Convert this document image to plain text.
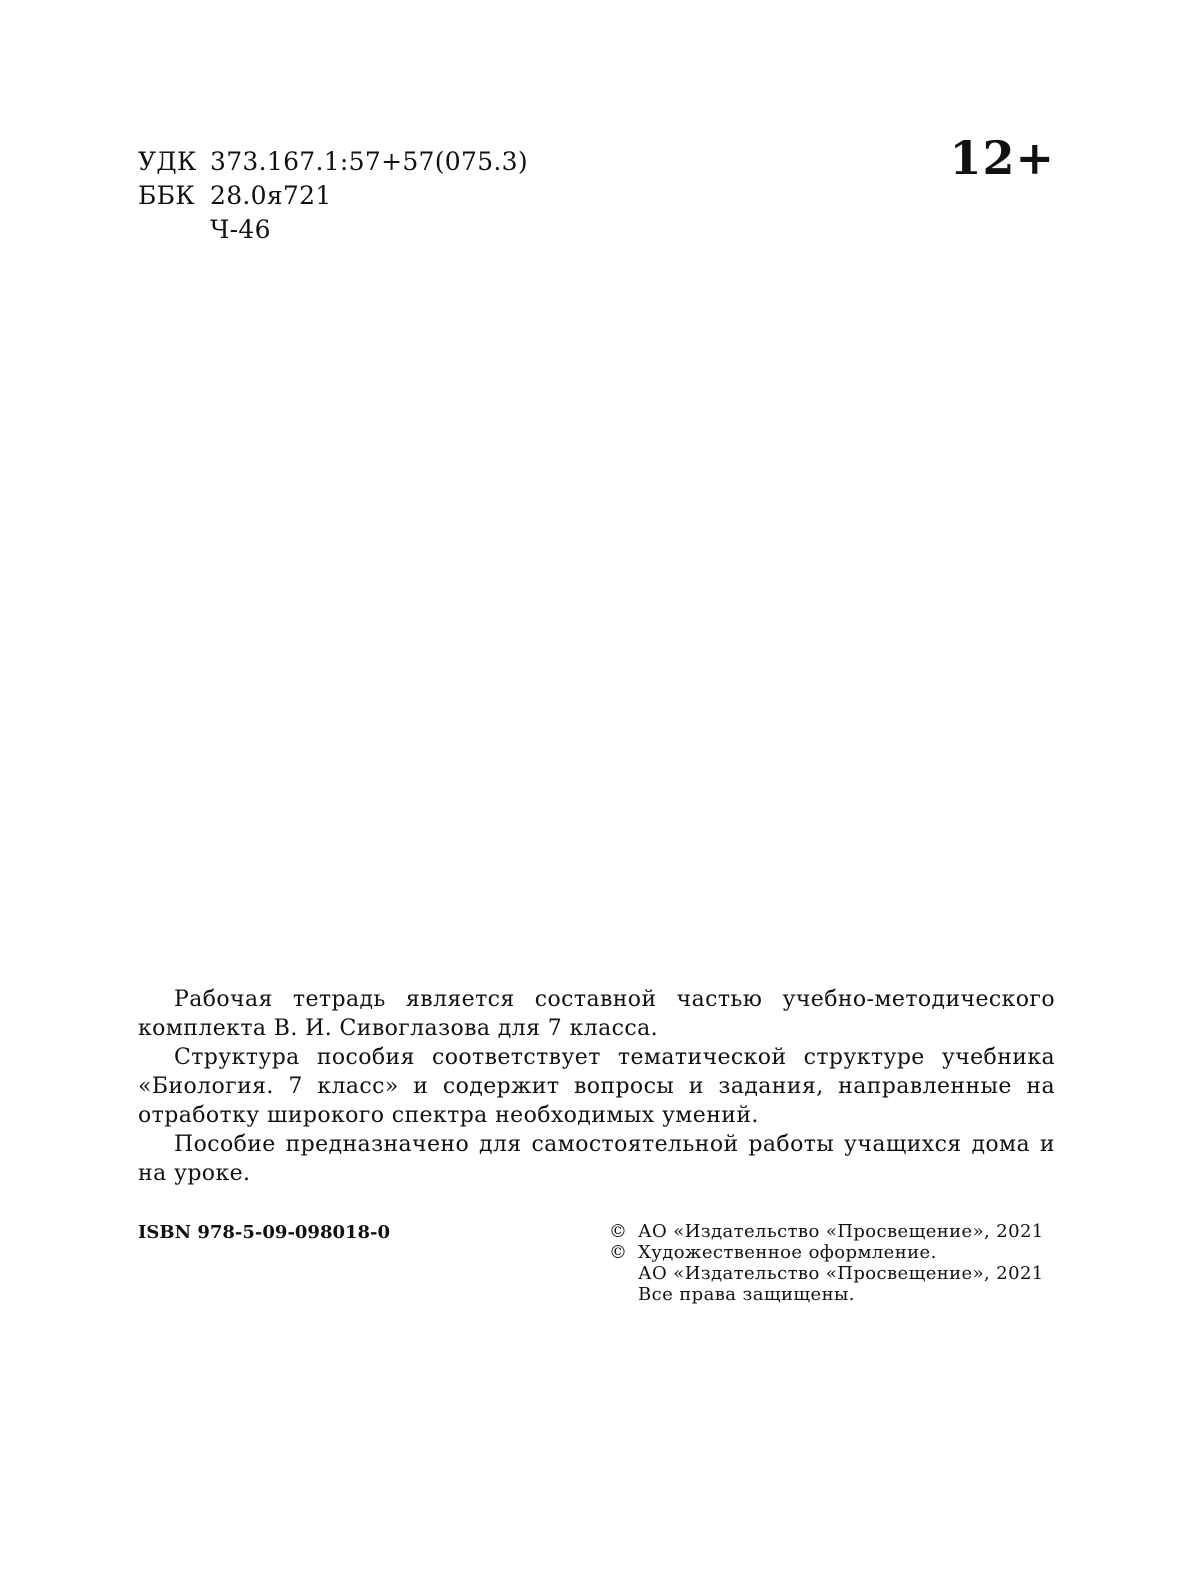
УДК 373.167.1:57+57(075.3)
ББК 28.0я721
Ч-46
12+

Рабочая тетрадь является составной частью учебно-методического комплекта В. И. Сивоглазова для 7 класса.

Структура пособия соответствует тематической структуре учебника «Биология. 7 класс» и содержит вопросы и задания, направленные на отработку широкого спектра необходимых умений.

Пособие предназначено для самостоятельной работы учащихся дома и на уроке.

ISBN 978-5-09-098018-0	© АО «Издательство «Просвещение», 2021
© Художественное оформление.
АО «Издательство «Просвещение», 2021
Все права защищены.
